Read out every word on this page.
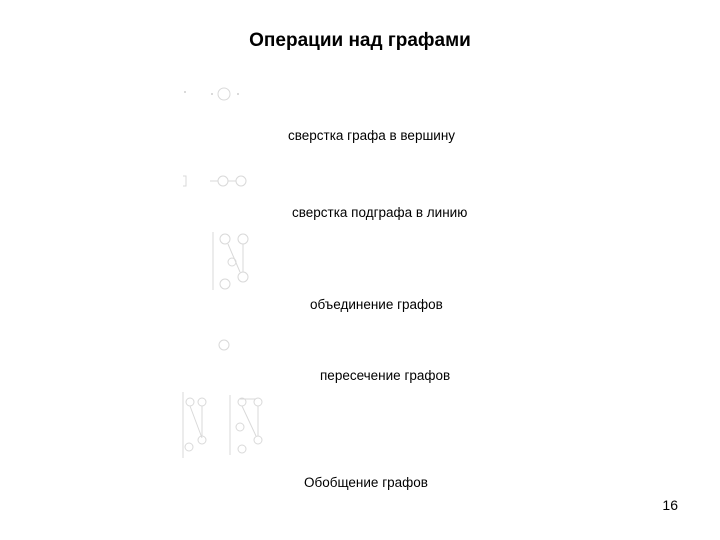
Операции над графами
сверстка графа в вершину
сверстка подграфа в линию
объединение графов
пересечение графов
Обобщение графов
16
